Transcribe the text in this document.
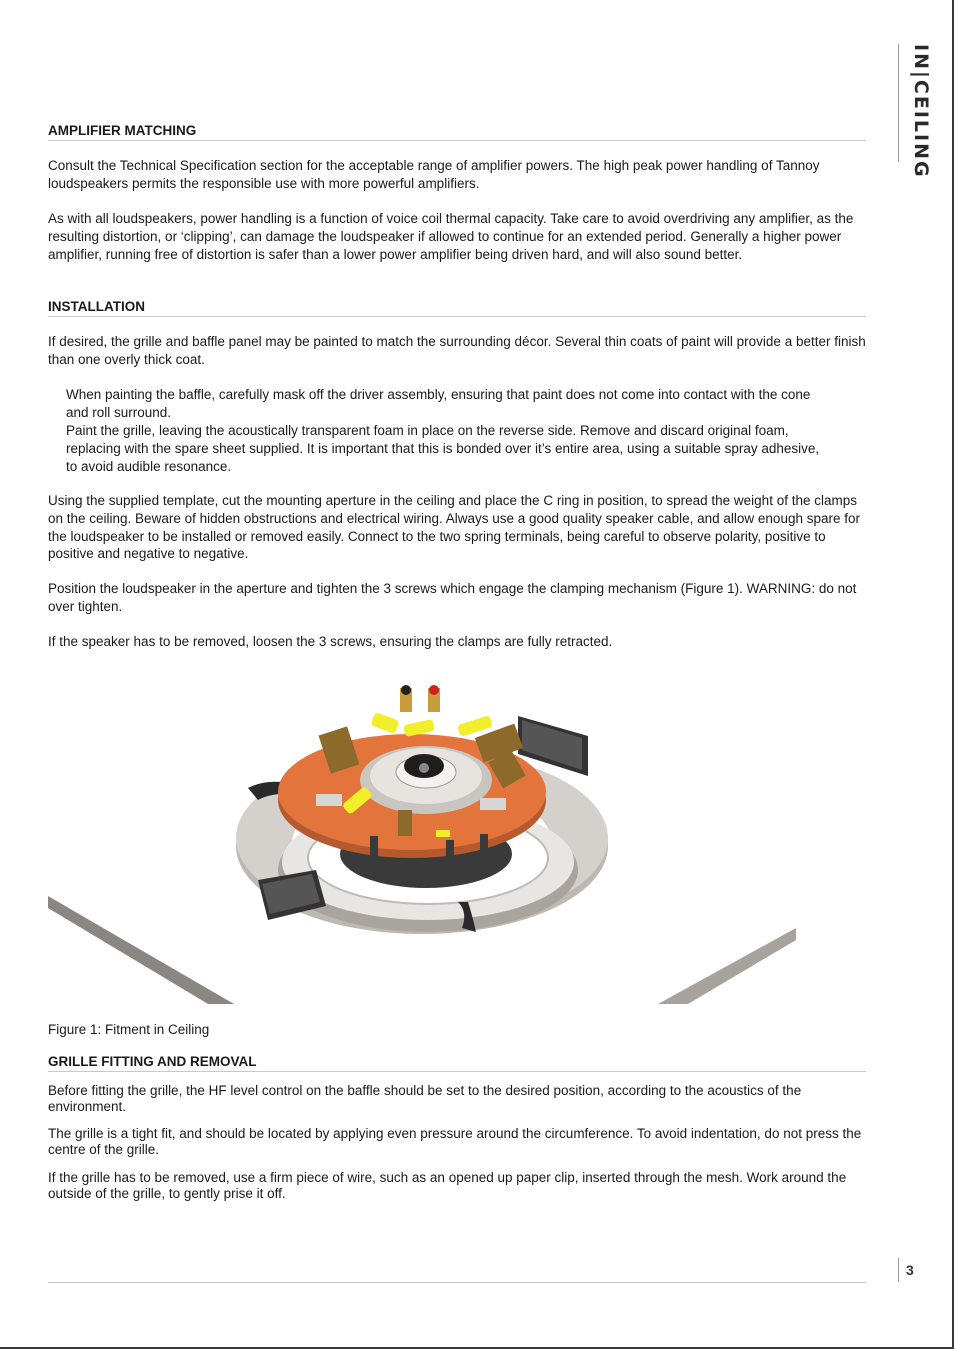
IN|CEILING
AMPLIFIER MATCHING

Consult the Technical Specification section for the acceptable range of amplifier powers. The high peak power handling of Tannoy loudspeakers permits the responsible use with more powerful amplifiers.

As with all loudspeakers, power handling is a function of voice coil thermal capacity. Take care to avoid overdriving any amplifier, as the resulting distortion, or ‘clipping’, can damage the loudspeaker if allowed to continue for an extended period. Generally a higher power amplifier, running free of distortion is safer than a lower power amplifier being driven hard, and will also sound better.

INSTALLATION

If desired, the grille and baffle panel may be painted to match the surrounding décor. Several thin coats of paint will provide a better finish than one overly thick coat.

When painting the baffle, carefully mask off the driver assembly, ensuring that paint does not come into contact with the cone and roll surround.

Paint the grille, leaving the acoustically transparent foam in place on the reverse side. Remove and discard original foam, replacing with the spare sheet supplied. It is important that this is bonded over it’s entire area, using a suitable spray adhesive, to avoid audible resonance.

Using the supplied template, cut the mounting aperture in the ceiling and place the C ring in position, to spread the weight of the clamps on the ceiling. Beware of hidden obstructions and electrical wiring. Always use a good quality speaker cable, and allow enough spare for the loudspeaker to be installed or removed easily. Connect to the two spring terminals, being careful to observe polarity, positive to positive and negative to negative.

Position the loudspeaker in the aperture and tighten the 3 screws which engage the clamping mechanism (Figure 1). WARNING: do not over tighten.

If the speaker has to be removed, loosen the 3 screws, ensuring the clamps are fully retracted.

Figure 1: Fitment in Ceiling
GRILLE FITTING AND REMOVAL

Before fitting the grille, the HF level control on the baffle should be set to the desired position, according to the acoustics of the environment.

The grille is a tight fit, and should be located by applying even pressure around the circumference. To avoid indentation, do not press the centre of the grille.

If the grille has to be removed, use a firm piece of wire, such as an opened up paper clip, inserted through the mesh. Work around the outside of the grille, to gently prise it off.

3
